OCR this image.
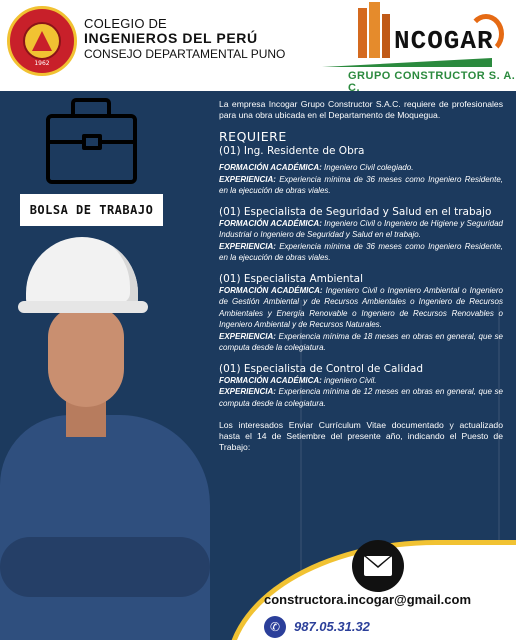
1962
COLEGIO DE
INGENIEROS DEL PERÚ
CONSEJO DEPARTAMENTAL PUNO	NCOGAR
GRUPO CONSTRUCTOR S. A. C.
BOLSA DE TRABAJO

La empresa Incogar Grupo Constructor S.A.C. requiere de profesionales para una obra ubicada en el Departamento de Moquegua.

REQUIERE
(01) Ing. Residente de Obra

FORMACIÓN ACADÉMICA: Ingeniero Civil colegiado.

EXPERIENCIA: Experiencia mínima de 36 meses como Ingeniero Residente, en la ejecución de obras viales.

(01) Especialista de Seguridad y Salud en el trabajo

FORMACIÓN ACADÉMICA: Ingeniero Civil o Ingeniero de Higiene y Seguridad Industrial o Ingeniero de Seguridad y Salud en el trabajo.

EXPERIENCIA: Experiencia mínima de 36 meses como Ingeniero Residente, en la ejecución de obras viales.

(01) Especialista Ambiental

FORMACIÓN ACADÉMICA: Ingeniero Civil o Ingeniero Ambiental o Ingeniero de Gestión Ambiental y de Recursos Ambientales o Ingeniero de Recursos Ambientales y Energía Renovable o Ingeniero de Recursos Renovables o Ingeniero Ambiental y de Recursos Naturales.

EXPERIENCIA: Experiencia mínima de 18 meses en obras en general, que se computa desde la colegiatura.

(01) Especialista de Control de Calidad

FORMACIÓN ACADÉMICA: ingeniero Civil.

EXPERIENCIA: Experiencia mínima de 12 meses en obras en general, que se computa desde la colegiatura.

Los interesados Enviar Currículum Vitae documentado y actualizado hasta el 14 de Setiembre del presente año, indicando el Puesto de Trabajo:

constructora.incogar@gmail.com
✆	987.05.31.32
